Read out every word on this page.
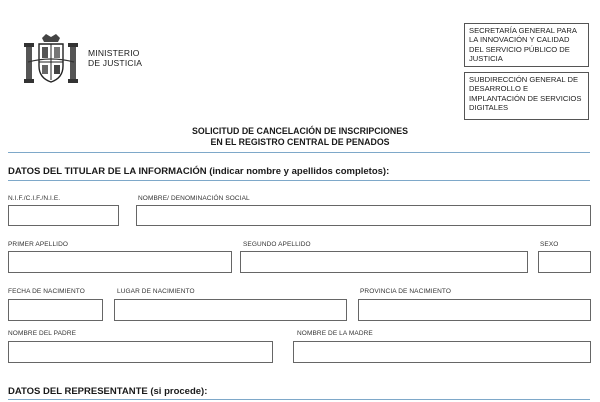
MINISTERIO
DE JUSTICIA
SECRETARÍA GENERAL PARA
LA INNOVACIÓN Y CALIDAD
DEL SERVICIO PÚBLICO DE
JUSTICIA
SUBDIRECCIÓN GENERAL DE
DESARROLLO E
IMPLANTACIÓN DE SERVICIOS
DIGITALES
SOLICITUD DE CANCELACIÓN DE INSCRIPCIONES
EN EL REGISTRO CENTRAL DE PENADOS
DATOS DEL TITULAR DE LA INFORMACIÓN (indicar nombre y apellidos completos):
N.I.F./C.I.F./N.I.E.	NOMBRE/ DENOMINACIÓN SOCIAL
PRIMER APELLIDO	SEGUNDO APELLIDO	SEXO
FECHA DE NACIMIENTO	LUGAR DE NACIMIENTO	PROVINCIA DE NACIMIENTO
NOMBRE DEL PADRE	NOMBRE DE LA MADRE
DATOS DEL REPRESENTANTE (si procede):
